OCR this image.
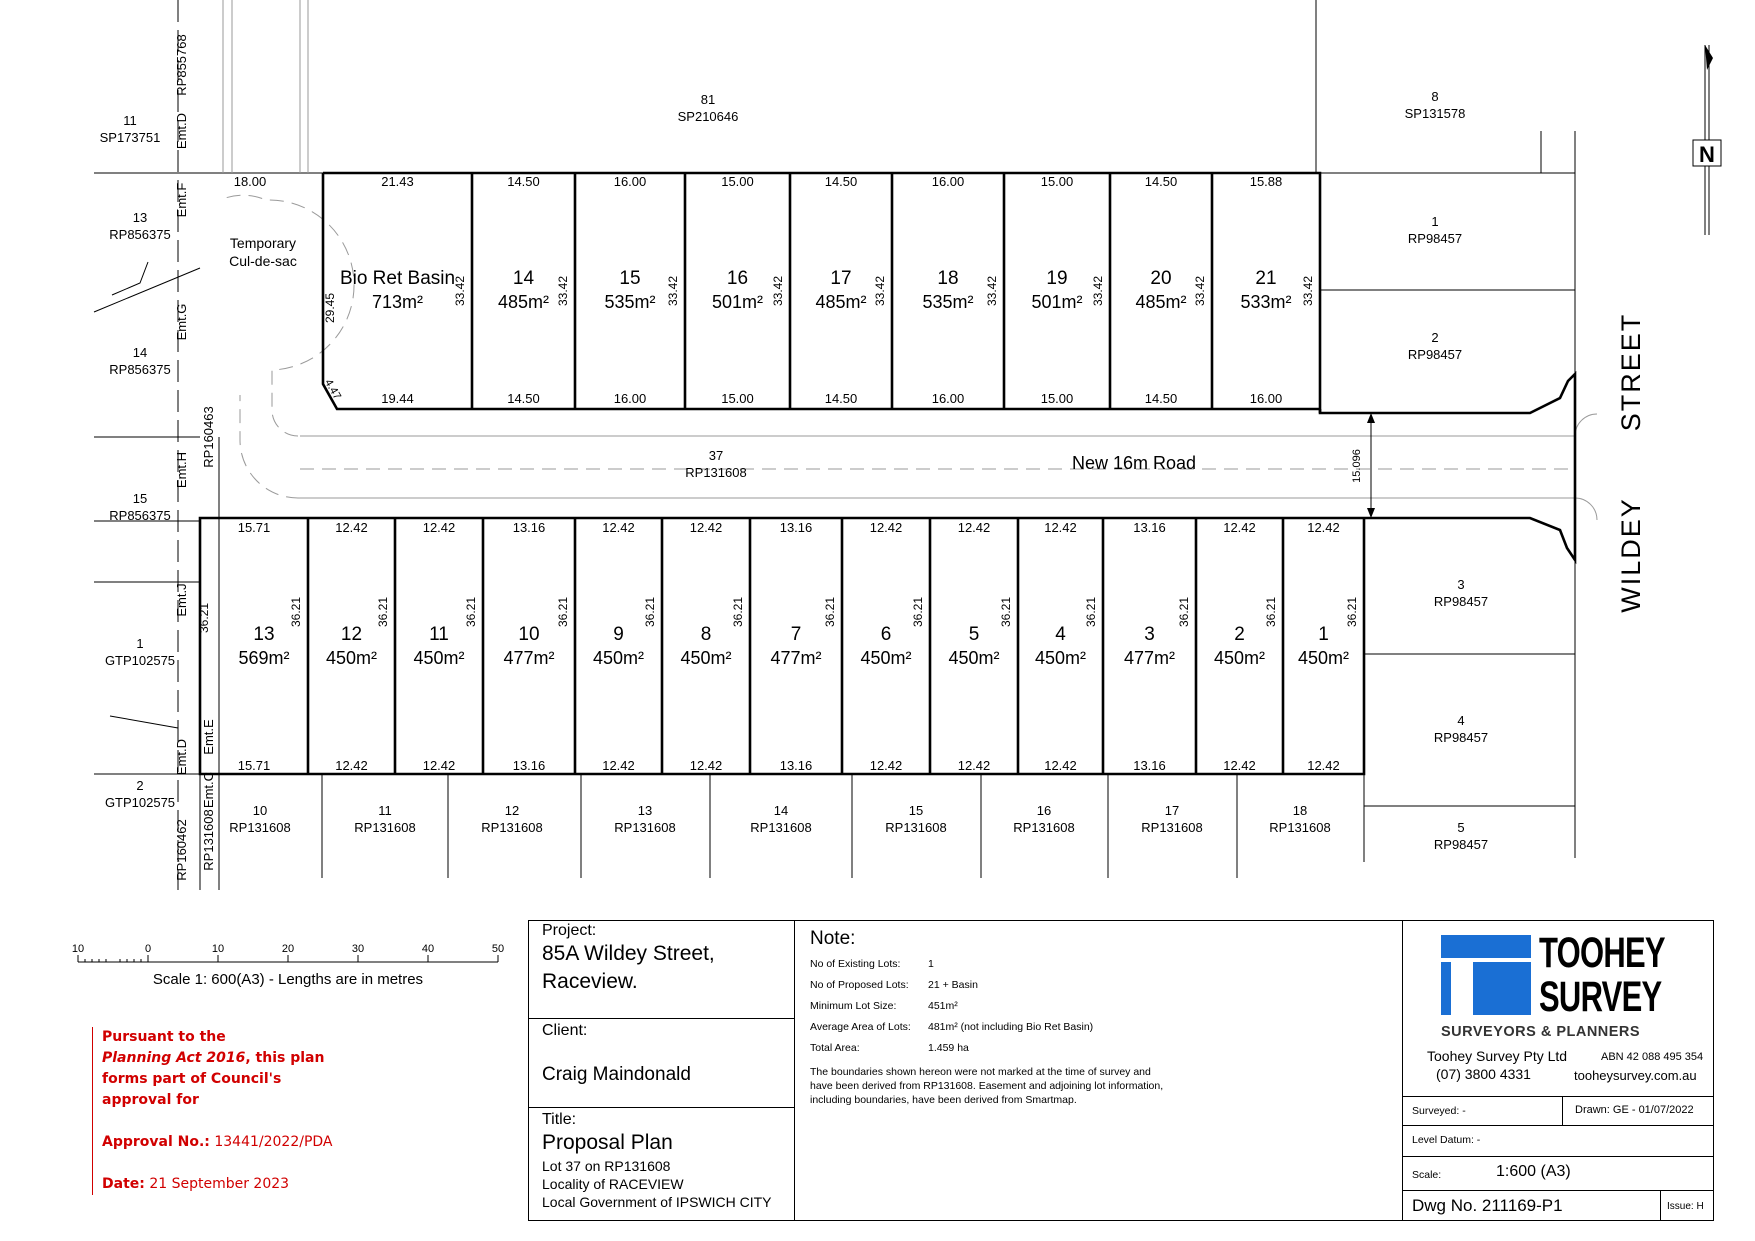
N
21.43
19.44
Bio Ret Basin
713m² 33.42
14.50
14.50
14
485m² 33.42
16.00
16.00
15
535m² 33.42
15.00
15.00
16
501m² 33.42
14.50
14.50
17
485m² 33.42
16.00
16.00
18
535m² 33.42
15.00
15.00
19
501m² 33.42
14.50
14.50
20
485m² 33.42
15.88
16.00
21
533m² 33.42
15.71
15.71
13
569m²
36.21
36.21
12.42
12.42
12
450m²
36.21
12.42
12.42
11
450m²
36.21
13.16
13.16
10
477m²
36.21
12.42
12.42
9
450m²
36.21
12.42
12.42
8
450m²
36.21
13.16
13.16
7
477m²
36.21
12.42
12.42
6
450m²
36.21
12.42
12.42
5
450m²
36.21
12.42
12.42
4
450m²
36.21
13.16
13.16
3
477m²
36.21
12.42
12.42
2
450m²
36.21
12.42
12.42
1
450m²
36.21
37
RP131608	New 16m Road	15.096
WILDEY
STREET
18.00
Temporary
Cul-de-sac
29.45
4.47
RP160463
RP160462 RP131608
Emt.D
RP855768
Emt.F
Emt.G
Emt.H
Emt.J
Emt.D
Emt.E
Emt.C
81
SP210646
8
SP131578
11
SP173751
13
RP856375
14
RP856375
15
RP856375
1
GTP102575
2
GTP102575
1
RP98457
2
RP98457
3
RP98457
4
RP98457
5
RP98457
10
RP131608
11
RP131608
12
RP131608
13
RP131608
14
RP131608
15
RP131608
16
RP131608
17
RP131608
18
RP131608
10	0	10	20	30	40	50
Scale 1: 600(A3) - Lengths are in metres
Pursuant to the
Planning Act 2016, this plan
forms part of Council's
approval for

Approval No.: 13441/2022/PDA

Date: 21 September 2023
Project:
85A Wildey Street,
Raceview.
Client:
Craig Maindonald
Title:
Proposal Plan
Lot 37 on RP131608
Locality of RACEVIEW
Local Government of IPSWICH CITY
Note:
No of Existing Lots:	1
No of Proposed Lots: 21 + Basin
Minimum Lot Size:	451m²
Average Area of Lots: 481m² (not including Bio Ret Basin)
Total Area:	1.459 ha
The boundaries shown hereon were not marked at the time of survey and
have been derived from RP131608. Easement and adjoining lot information,
including boundaries, have been derived from Smartmap.
TOOHEY
SURVEY
SURVEYORS & PLANNERS
Toohey Survey Pty Ltd	ABN 42 088 495 354
(07) 3800 4331	tooheysurvey.com.au
Surveyed: -	Drawn: GE - 01/07/2022
Level Datum: -
Scale:	1:600 (A3)
Dwg No. 211169-P1	Issue: H
